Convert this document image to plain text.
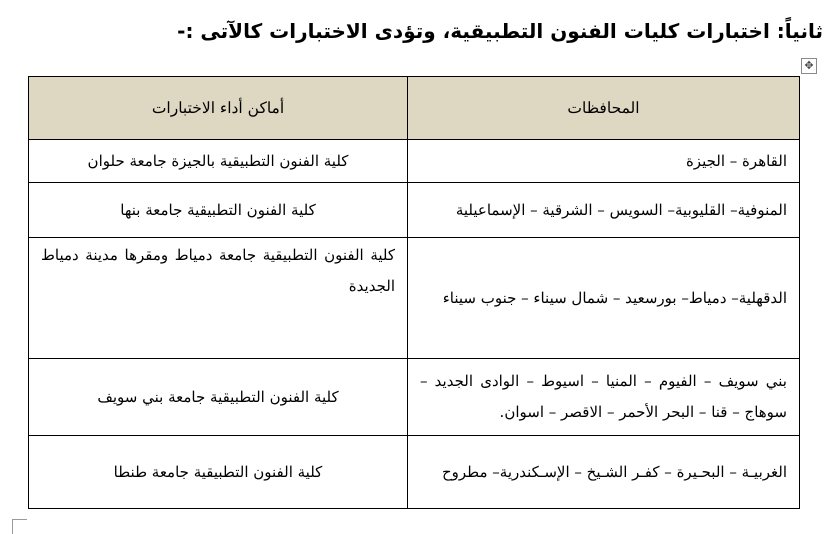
ثانياً: اختبارات كليات الفنون التطبيقية، وتؤدى الاختبارات كالآتى :-
✥
المحافظات	أماكن أداء الاختبارات
القاهرة – الجيزة	كلية الفنون التطبيقية بالجيزة جامعة حلوان
المنوفية– القليوبية– السويس – الشرقية – الإسماعيلية	كلية الفنون التطبيقية جامعة بنها
الدقهلية– دمياط– بورسعيد – شمال سيناء – جنوب سيناء	كلية الفنون التطبيقية جامعة دمياط ومقرها مدينة دمياط الجديدة
بني سويف – الفيوم – المنيا – اسيوط – الوادى الجديد – سوهاج – قنا – البحر الأحمر – الاقصر – اسوان.	كلية الفنون التطبيقية جامعة بني سويف
الغربيـة – البحـيرة – كفـر الشـيخ – الإسـكندرية– مطروح	كلية الفنون التطبيقية جامعة طنطا
